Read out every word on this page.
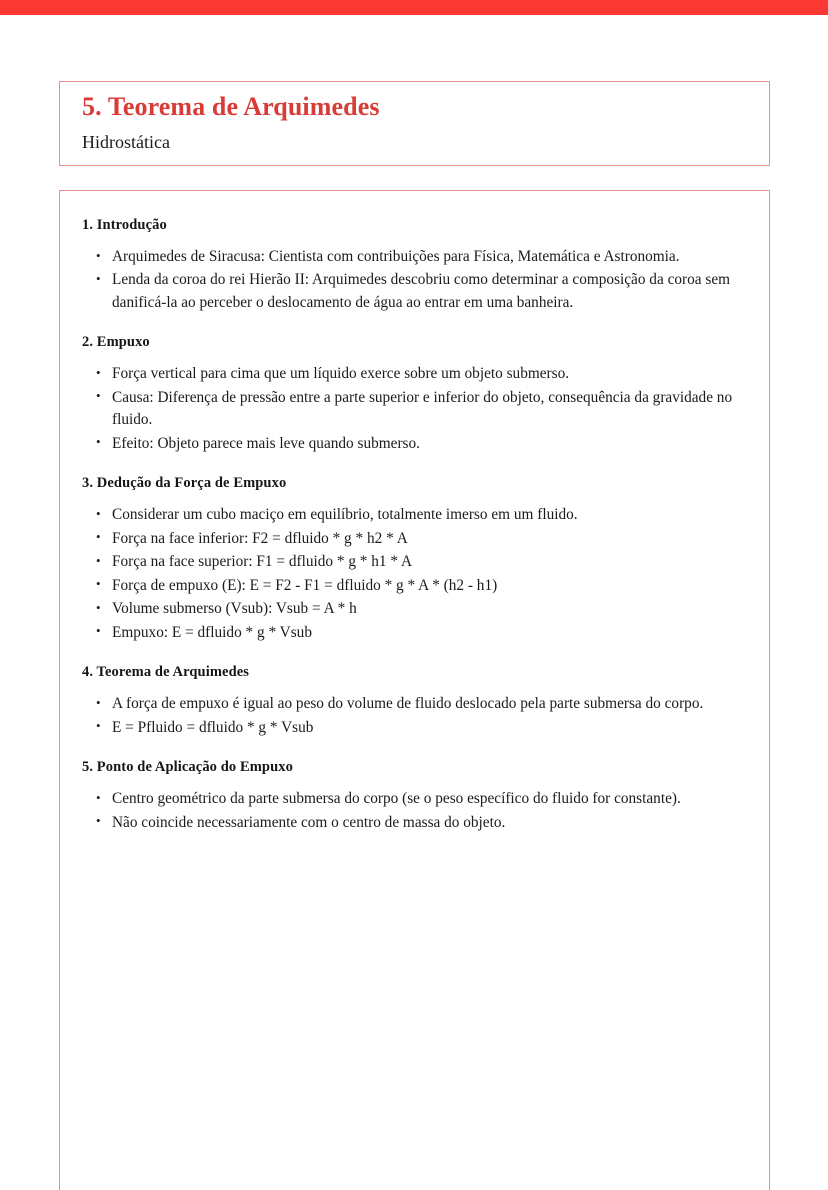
5. Teorema de Arquimedes
Hidrostática
1. Introdução
• Arquimedes de Siracusa: Cientista com contribuições para Física, Matemática e Astronomia.
• Lenda da coroa do rei Hierão II: Arquimedes descobriu como determinar a composição da coroa sem danificá-la ao perceber o deslocamento de água ao entrar em uma banheira.
2. Empuxo
• Força vertical para cima que um líquido exerce sobre um objeto submerso.
• Causa: Diferença de pressão entre a parte superior e inferior do objeto, consequência da gravidade no fluido.
• Efeito: Objeto parece mais leve quando submerso.
3. Dedução da Força de Empuxo
• Considerar um cubo maciço em equilíbrio, totalmente imerso em um fluido.
• Força na face inferior: F2 = dfluido * g * h2 * A
• Força na face superior: F1 = dfluido * g * h1 * A
• Força de empuxo (E): E = F2 - F1 = dfluido * g * A * (h2 - h1)
• Volume submerso (Vsub): Vsub = A * h
• Empuxo: E = dfluido * g * Vsub
4. Teorema de Arquimedes
• A força de empuxo é igual ao peso do volume de fluido deslocado pela parte submersa do corpo.
• E = Pfluido = dfluido * g * Vsub
5. Ponto de Aplicação do Empuxo
• Centro geométrico da parte submersa do corpo (se o peso específico do fluido for constante).
• Não coincide necessariamente com o centro de massa do objeto.
